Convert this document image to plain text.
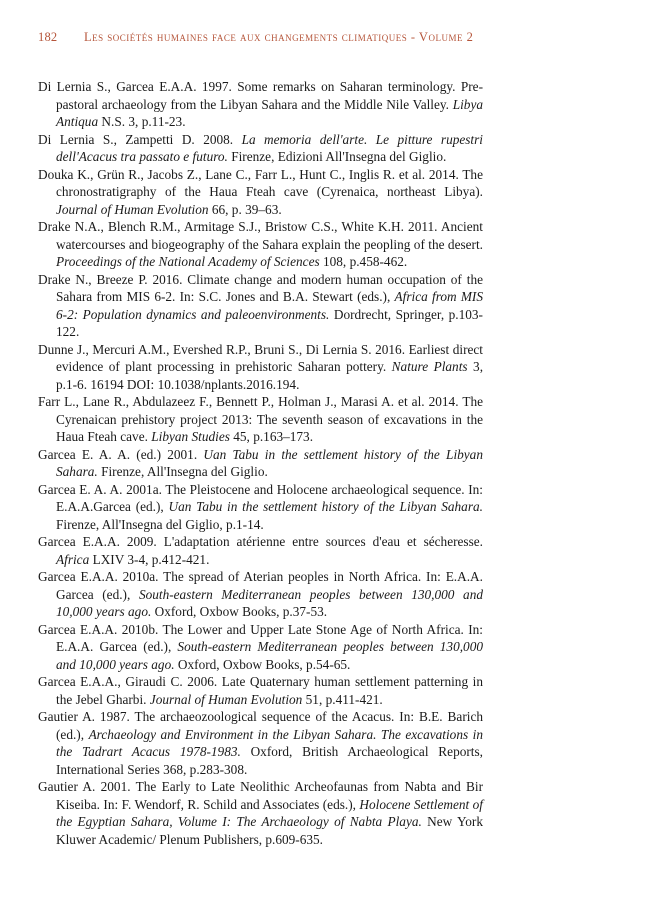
182 Les sociétés humaines face aux changements climatiques - Volume 2

Di Lernia S., Garcea E.A.A. 1997. Some remarks on Saharan terminology. Pre-pastoral archaeology from the Libyan Sahara and the Middle Nile Valley. Libya Antiqua N.S. 3, p.11-23.

Di Lernia S., Zampetti D. 2008. La memoria dell'arte. Le pitture rupestri dell'Acacus tra passato e futuro. Firenze, Edizioni All'Insegna del Giglio.

Douka K., Grün R., Jacobs Z., Lane C., Farr L., Hunt C., Inglis R. et al. 2014. The chronostratigraphy of the Haua Fteah cave (Cyrenaica, northeast Libya). Journal of Human Evolution 66, p. 39–63.

Drake N.A., Blench R.M., Armitage S.J., Bristow C.S., White K.H. 2011. Ancient watercourses and biogeography of the Sahara explain the peopling of the desert. Proceedings of the National Academy of Sciences 108, p.458-462.

Drake N., Breeze P. 2016. Climate change and modern human occupation of the Sahara from MIS 6-2. In: S.C. Jones and B.A. Stewart (eds.), Africa from MIS 6-2: Population dynamics and paleoenvironments. Dordrecht, Springer, p.103-122.

Dunne J., Mercuri A.M., Evershed R.P., Bruni S., Di Lernia S. 2016. Earliest direct evidence of plant processing in prehistoric Saharan pottery. Nature Plants 3, p.1-6. 16194 DOI: 10.1038/nplants.2016.194.

Farr L., Lane R., Abdulazeez F., Bennett P., Holman J., Marasi A. et al. 2014. The Cyrenaican prehistory project 2013: The seventh season of excavations in the Haua Fteah cave. Libyan Studies 45, p.163–173.

Garcea E. A. A. (ed.) 2001. Uan Tabu in the settlement history of the Libyan Sahara. Firenze, All'Insegna del Giglio.

Garcea E. A. A. 2001a. The Pleistocene and Holocene archaeological sequence. In: E.A.A.Garcea (ed.), Uan Tabu in the settlement history of the Libyan Sahara. Firenze, All'Insegna del Giglio, p.1-14.

Garcea E.A.A. 2009. L'adaptation atérienne entre sources d'eau et sécheresse. Africa LXIV 3-4, p.412-421.

Garcea E.A.A. 2010a. The spread of Aterian peoples in North Africa. In: E.A.A. Garcea (ed.), South-eastern Mediterranean peoples between 130,000 and 10,000 years ago. Oxford, Oxbow Books, p.37-53.

Garcea E.A.A. 2010b. The Lower and Upper Late Stone Age of North Africa. In: E.A.A. Garcea (ed.), South-eastern Mediterranean peoples between 130,000 and 10,000 years ago. Oxford, Oxbow Books, p.54-65.

Garcea E.A.A., Giraudi C. 2006. Late Quaternary human settlement patterning in the Jebel Gharbi. Journal of Human Evolution 51, p.411-421.

Gautier A. 1987. The archaeozoological sequence of the Acacus. In: B.E. Barich (ed.), Archaeology and Environment in the Libyan Sahara. The excavations in the Tadrart Acacus 1978-1983. Oxford, British Archaeological Reports, International Series 368, p.283-308.

Gautier A. 2001. The Early to Late Neolithic Archeofaunas from Nabta and Bir Kiseiba. In: F. Wendorf, R. Schild and Associates (eds.), Holocene Settlement of the Egyptian Sahara, Volume I: The Archaeology of Nabta Playa. New York Kluwer Academic/ Plenum Publishers, p.609-635.
